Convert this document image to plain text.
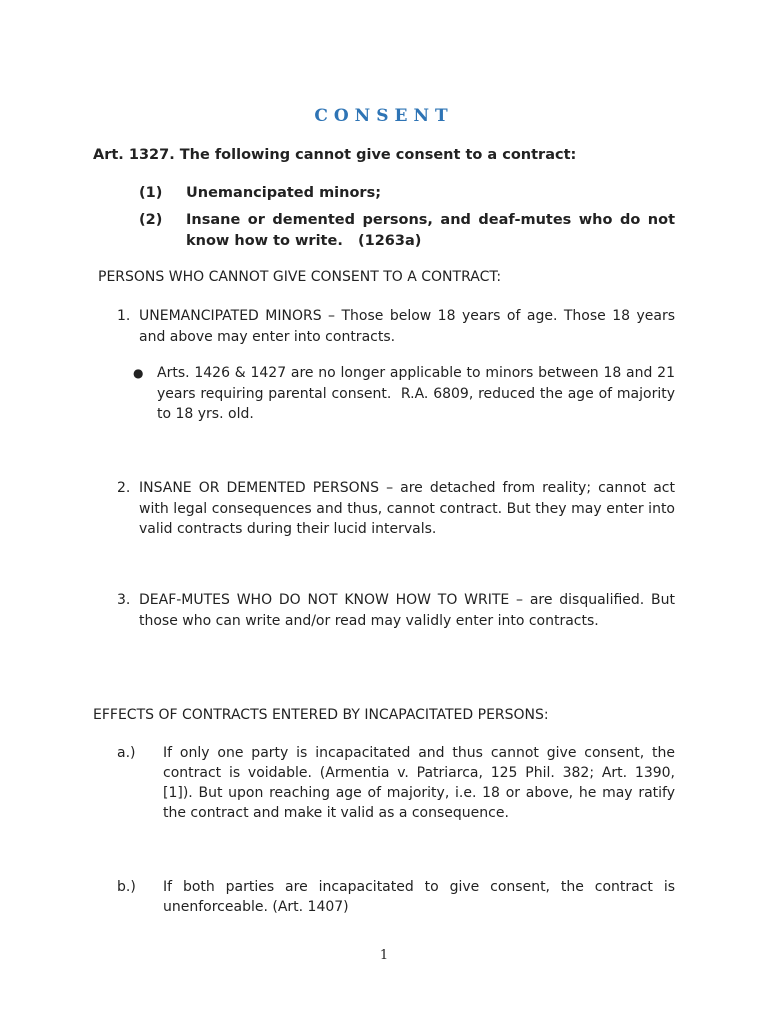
CONSENT
Art. 1327. The following cannot give consent to a contract:
(1)	Unemancipated minors;
(2)	Insane or demented persons, and deaf-mutes who do not know how to write.   (1263a)
PERSONS WHO CANNOT GIVE CONSENT TO A CONTRACT:
1. UNEMANCIPATED MINORS – Those below 18 years of age. Those 18 years and above may enter into contracts.
● Arts. 1426 & 1427 are no longer applicable to minors between 18 and 21 years requiring parental consent.  R.A. 6809, reduced the age of majority to 18 yrs. old.
2. INSANE OR DEMENTED PERSONS – are detached from reality; cannot act with legal consequences and thus, cannot contract. But they may enter into valid contracts during their lucid intervals.
3. DEAF-MUTES WHO DO NOT KNOW HOW TO WRITE – are disqualified. But those who can write and/or read may validly enter into contracts.
EFFECTS OF CONTRACTS ENTERED BY INCAPACITATED PERSONS:
a.)	If only one party is incapacitated and thus cannot give consent, the contract is voidable. (Armentia v. Patriarca, 125 Phil. 382; Art. 1390, [1]). But upon reaching age of majority, i.e. 18 or above, he may ratify the contract and make it valid as a consequence.
b.)	If both parties are incapacitated to give consent, the contract is unenforceable. (Art. 1407)
1
